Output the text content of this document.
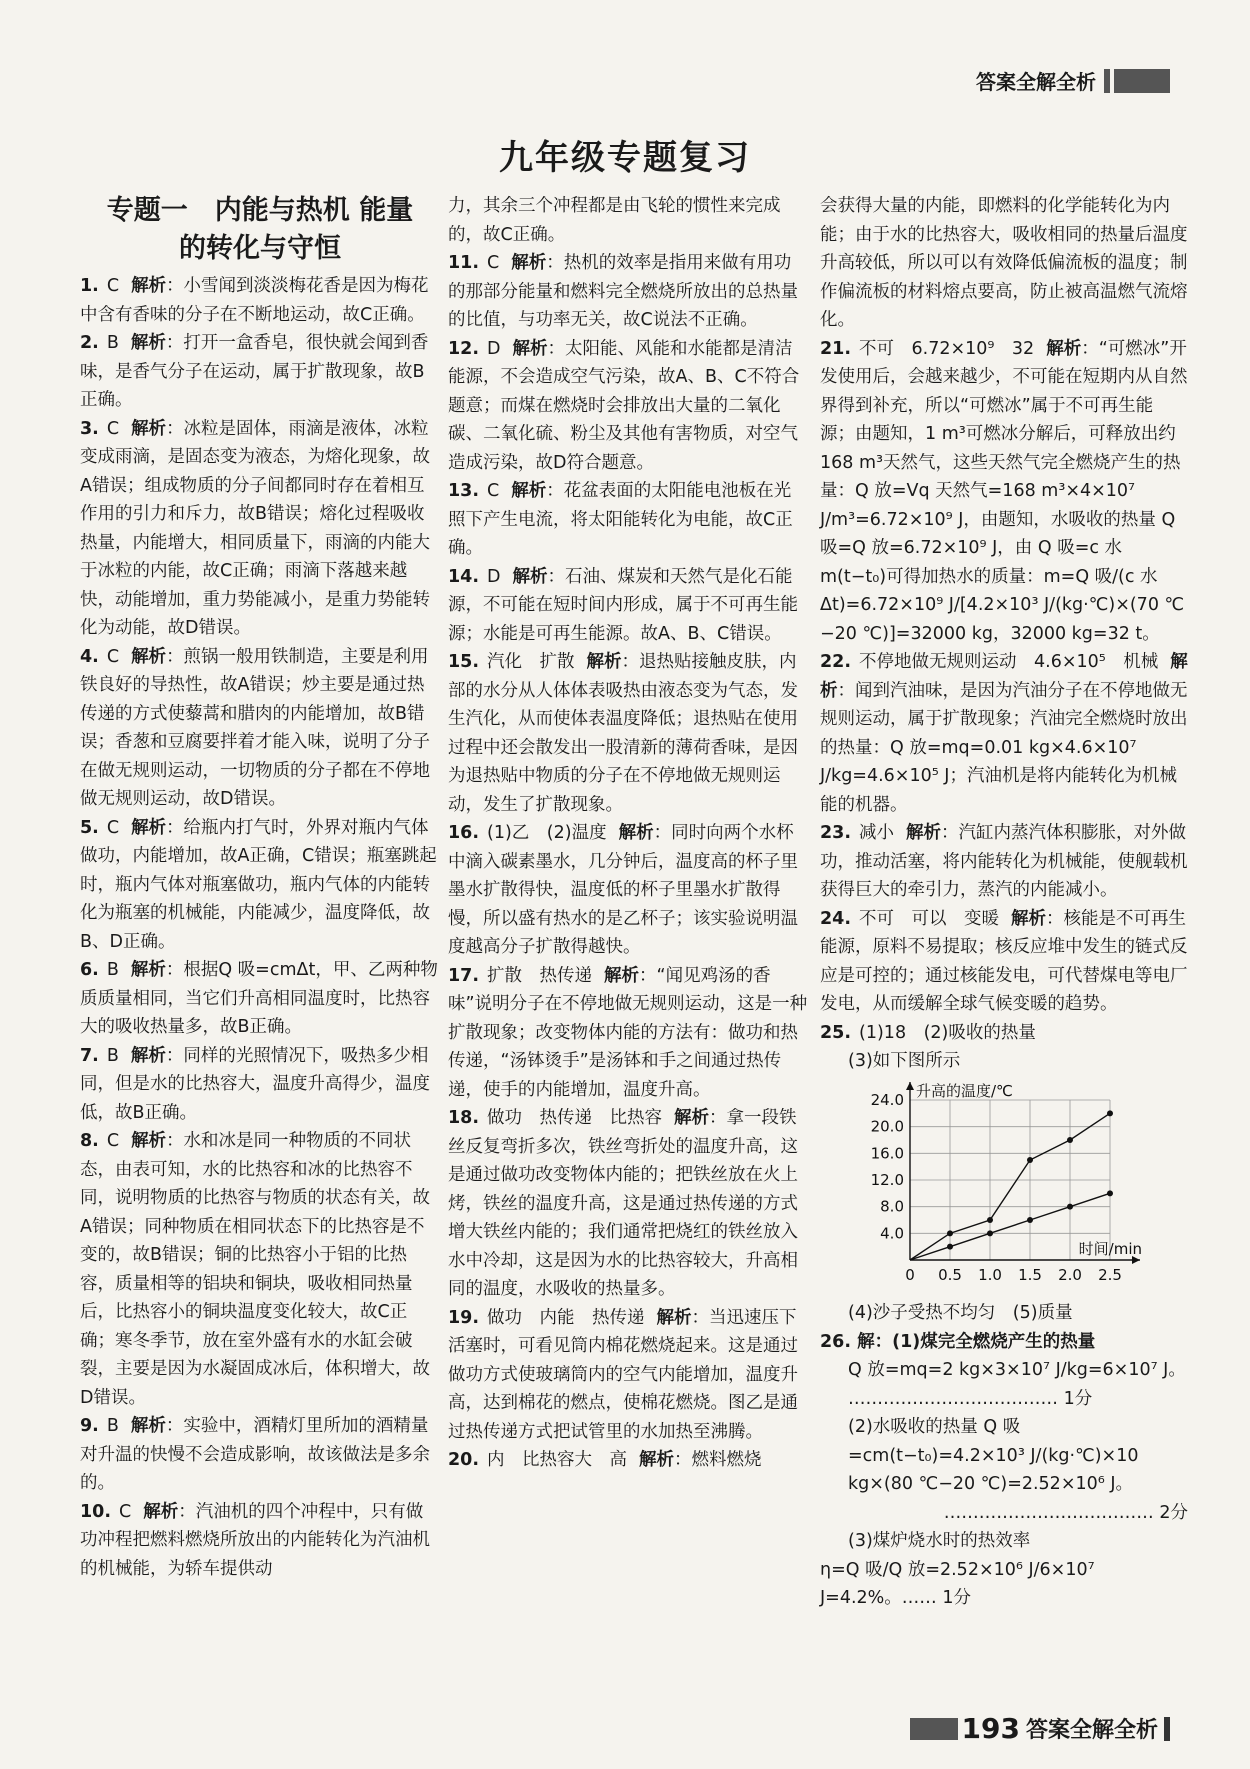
答案全解全析
九年级专题复习
专题一　内能与热机 能量
的转化与守恒
1. C 解析：小雪闻到淡淡梅花香是因为梅花中含有香味的分子在不断地运动，故C正确。
2. B 解析：打开一盒香皂，很快就会闻到香味，是香气分子在运动，属于扩散现象，故B正确。
3. C 解析：冰粒是固体，雨滴是液体，冰粒变成雨滴，是固态变为液态，为熔化现象，故A错误；组成物质的分子间都同时存在着相互作用的引力和斥力，故B错误；熔化过程吸收热量，内能增大，相同质量下，雨滴的内能大于冰粒的内能，故C正确；雨滴下落越来越快，动能增加，重力势能减小，是重力势能转化为动能，故D错误。
4. C 解析：煎锅一般用铁制造，主要是利用铁良好的导热性，故A错误；炒主要是通过热传递的方式使藜蒿和腊肉的内能增加，故B错误；香葱和豆腐要拌着才能入味，说明了分子在做无规则运动，一切物质的分子都在不停地做无规则运动，故D错误。
5. C 解析：给瓶内打气时，外界对瓶内气体做功，内能增加，故A正确，C错误；瓶塞跳起时，瓶内气体对瓶塞做功，瓶内气体的内能转化为瓶塞的机械能，内能减少，温度降低，故B、D正确。
6. B 解析：根据Q 吸=cmΔt，甲、乙两种物质质量相同，当它们升高相同温度时，比热容大的吸收热量多，故B正确。
7. B 解析：同样的光照情况下，吸热多少相同，但是水的比热容大，温度升高得少，温度低，故B正确。
8. C 解析：水和冰是同一种物质的不同状态，由表可知，水的比热容和冰的比热容不同，说明物质的比热容与物质的状态有关，故A错误；同种物质在相同状态下的比热容是不变的，故B错误；铜的比热容小于铝的比热容，质量相等的铝块和铜块，吸收相同热量后，比热容小的铜块温度变化较大，故C正确；寒冬季节，放在室外盛有水的水缸会破裂，主要是因为水凝固成冰后，体积增大，故D错误。
9. B 解析：实验中，酒精灯里所加的酒精量对升温的快慢不会造成影响，故该做法是多余的。
10. C 解析：汽油机的四个冲程中，只有做功冲程把燃料燃烧所放出的内能转化为汽油机的机械能，为轿车提供动
力，其余三个冲程都是由飞轮的惯性来完成的，故C正确。
11. C 解析：热机的效率是指用来做有用功的那部分能量和燃料完全燃烧所放出的总热量的比值，与功率无关，故C说法不正确。
12. D 解析：太阳能、风能和水能都是清洁能源，不会造成空气污染，故A、B、C不符合题意；而煤在燃烧时会排放出大量的二氧化碳、二氧化硫、粉尘及其他有害物质，对空气造成污染，故D符合题意。
13. C 解析：花盆表面的太阳能电池板在光照下产生电流，将太阳能转化为电能，故C正确。
14. D 解析：石油、煤炭和天然气是化石能源，不可能在短时间内形成，属于不可再生能源；水能是可再生能源。故A、B、C错误。
15. 汽化　扩散 解析：退热贴接触皮肤，内部的水分从人体体表吸热由液态变为气态，发生汽化，从而使体表温度降低；退热贴在使用过程中还会散发出一股清新的薄荷香味，是因为退热贴中物质的分子在不停地做无规则运动，发生了扩散现象。
16. (1)乙　(2)温度 解析：同时向两个水杯中滴入碳素墨水，几分钟后，温度高的杯子里墨水扩散得快，温度低的杯子里墨水扩散得慢，所以盛有热水的是乙杯子；该实验说明温度越高分子扩散得越快。
17. 扩散　热传递 解析：“闻见鸡汤的香味”说明分子在不停地做无规则运动，这是一种扩散现象；改变物体内能的方法有：做功和热传递，“汤钵烫手”是汤钵和手之间通过热传递，使手的内能增加，温度升高。
18. 做功　热传递　比热容 解析：拿一段铁丝反复弯折多次，铁丝弯折处的温度升高，这是通过做功改变物体内能的；把铁丝放在火上烤，铁丝的温度升高，这是通过热传递的方式增大铁丝内能的；我们通常把烧红的铁丝放入水中冷却，这是因为水的比热容较大，升高相同的温度，水吸收的热量多。
19. 做功　内能　热传递 解析：当迅速压下活塞时，可看见筒内棉花燃烧起来。这是通过做功方式使玻璃筒内的空气内能增加，温度升高，达到棉花的燃点，使棉花燃烧。图乙是通过热传递方式把试管里的水加热至沸腾。
20. 内　比热容大　高 解析：燃料燃烧
会获得大量的内能，即燃料的化学能转化为内能；由于水的比热容大，吸收相同的热量后温度升高较低，所以可以有效降低偏流板的温度；制作偏流板的材料熔点要高，防止被高温燃气流熔化。
21. 不可　6.72×10⁹　32 解析：“可燃冰”开发使用后，会越来越少，不可能在短期内从自然界得到补充，所以“可燃冰”属于不可再生能源；由题知，1 m³可燃冰分解后，可释放出约168 m³天然气，这些天然气完全燃烧产生的热量：Q 放=Vq 天然气=168 m³×4×10⁷ J/m³=6.72×10⁹ J，由题知，水吸收的热量 Q 吸=Q 放=6.72×10⁹ J，由 Q 吸=c 水 m(t−t₀)可得加热水的质量：m=Q 吸/(c 水 Δt)=6.72×10⁹ J/[4.2×10³ J/(kg·℃)×(70 ℃−20 ℃)]=32000 kg，32000 kg=32 t。
22. 不停地做无规则运动　4.6×10⁵　机械 解析：闻到汽油味，是因为汽油分子在不停地做无规则运动，属于扩散现象；汽油完全燃烧时放出的热量：Q 放=mq=0.01 kg×4.6×10⁷ J/kg=4.6×10⁵ J；汽油机是将内能转化为机械能的机器。
23. 减小 解析：汽缸内蒸汽体积膨胀，对外做功，推动活塞，将内能转化为机械能，使舰载机获得巨大的牵引力，蒸汽的内能减小。
24. 不可　可以　变暖 解析：核能是不可再生能源，原料不易提取；核反应堆中发生的链式反应是可控的；通过核能发电，可代替煤电等电厂发电，从而缓解全球气候变暖的趋势。
25. (1)18　(2)吸收的热量
(3)如下图所示
4.0
8.0
12.0
16.0
20.0
24.0
0 0.5 1.0 1.5 2.0 2.5
升高的温度/℃
时间/min
(4)沙子受热不均匀　(5)质量
26. 解：(1)煤完全燃烧产生的热量
Q 放=mq=2 kg×3×10⁷ J/kg=6×10⁷ J。
……………………………… 1分
(2)水吸收的热量 Q 吸=cm(t−t₀)=4.2×10³ J/(kg·℃)×10 kg×(80 ℃−20 ℃)=2.52×10⁶ J。
……………………………… 2分
(3)煤炉烧水时的热效率
η=Q 吸/Q 放=2.52×10⁶ J/6×10⁷ J=4.2%。…… 1分
193 答案全解全析
